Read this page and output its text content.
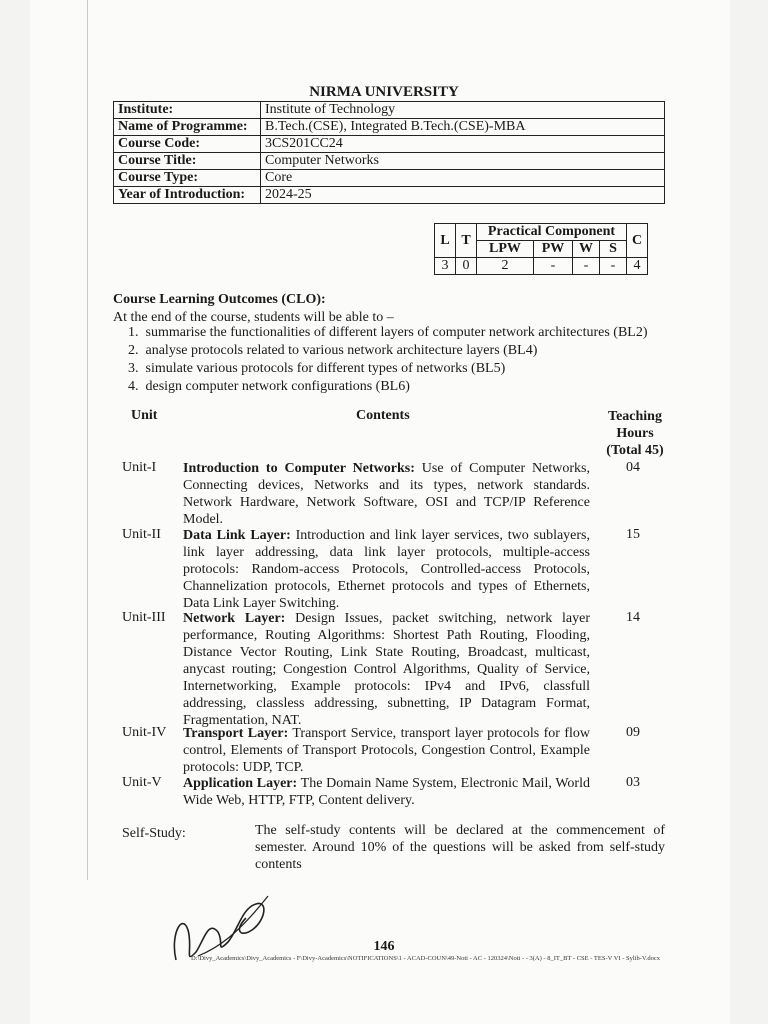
NIRMA UNIVERSITY
Institute:	Institute of Technology
Name of Programme:	B.Tech.(CSE), Integrated B.Tech.(CSE)-MBA
Course Code:	3CS201CC24
Course Title:	Computer Networks
Course Type:	Core
Year of Introduction:	2024-25
L	T	Practical Component				C
		LPW	PW	W	S	
3	0	2	-	-	-	4
Course Learning Outcomes (CLO):
At the end of the course, students will be able to –
1. summarise the functionalities of different layers of computer network architectures (BL2)
2. analyse protocols related to various network architecture layers (BL4)
3. simulate various protocols for different types of networks (BL5)
4. design computer network configurations (BL6)
Unit	Contents	Teaching
Hours
(Total 45)
Unit-I	Introduction to Computer Networks: Use of Computer Networks, Connecting devices, Networks and its types, network standards. Network Hardware, Network Software, OSI and TCP/IP Reference Model.
04
Unit-II	Data Link Layer: Introduction and link layer services, two sublayers, link layer addressing, data link layer protocols, multiple-access protocols: Random-access Protocols, Controlled-access Protocols, Channelization protocols, Ethernet protocols and types of Ethernets, Data Link Layer Switching.
15
Unit-III	Network Layer: Design Issues, packet switching, network layer performance, Routing Algorithms: Shortest Path Routing, Flooding, Distance Vector Routing, Link State Routing, Broadcast, multicast, anycast routing; Congestion Control Algorithms, Quality of Service, Internetworking, Example protocols: IPv4 and IPv6, classfull addressing, classless addressing, subnetting, IP Datagram Format, Fragmentation, NAT.
14
Unit-IV	Transport Layer: Transport Service, transport layer protocols for flow control, Elements of Transport Protocols, Congestion Control, Example protocols: UDP, TCP.
09
Unit-V	Application Layer: The Domain Name System, Electronic Mail, World Wide Web, HTTP, FTP, Content delivery.
03
Self-Study:	The self-study contents will be declared at the commencement of semester. Around 10% of the questions will be asked from self-study contents
146
D:\Divy_Academics\Divy_Academics - F\Divy-Academics\NOTIFICATIONS\1 - ACAD-COUN\49-Noti - AC - 120324\Noti - - 3(A) - 8_IT_BT - CSE - TES-V VI - Sylib-V.docx
